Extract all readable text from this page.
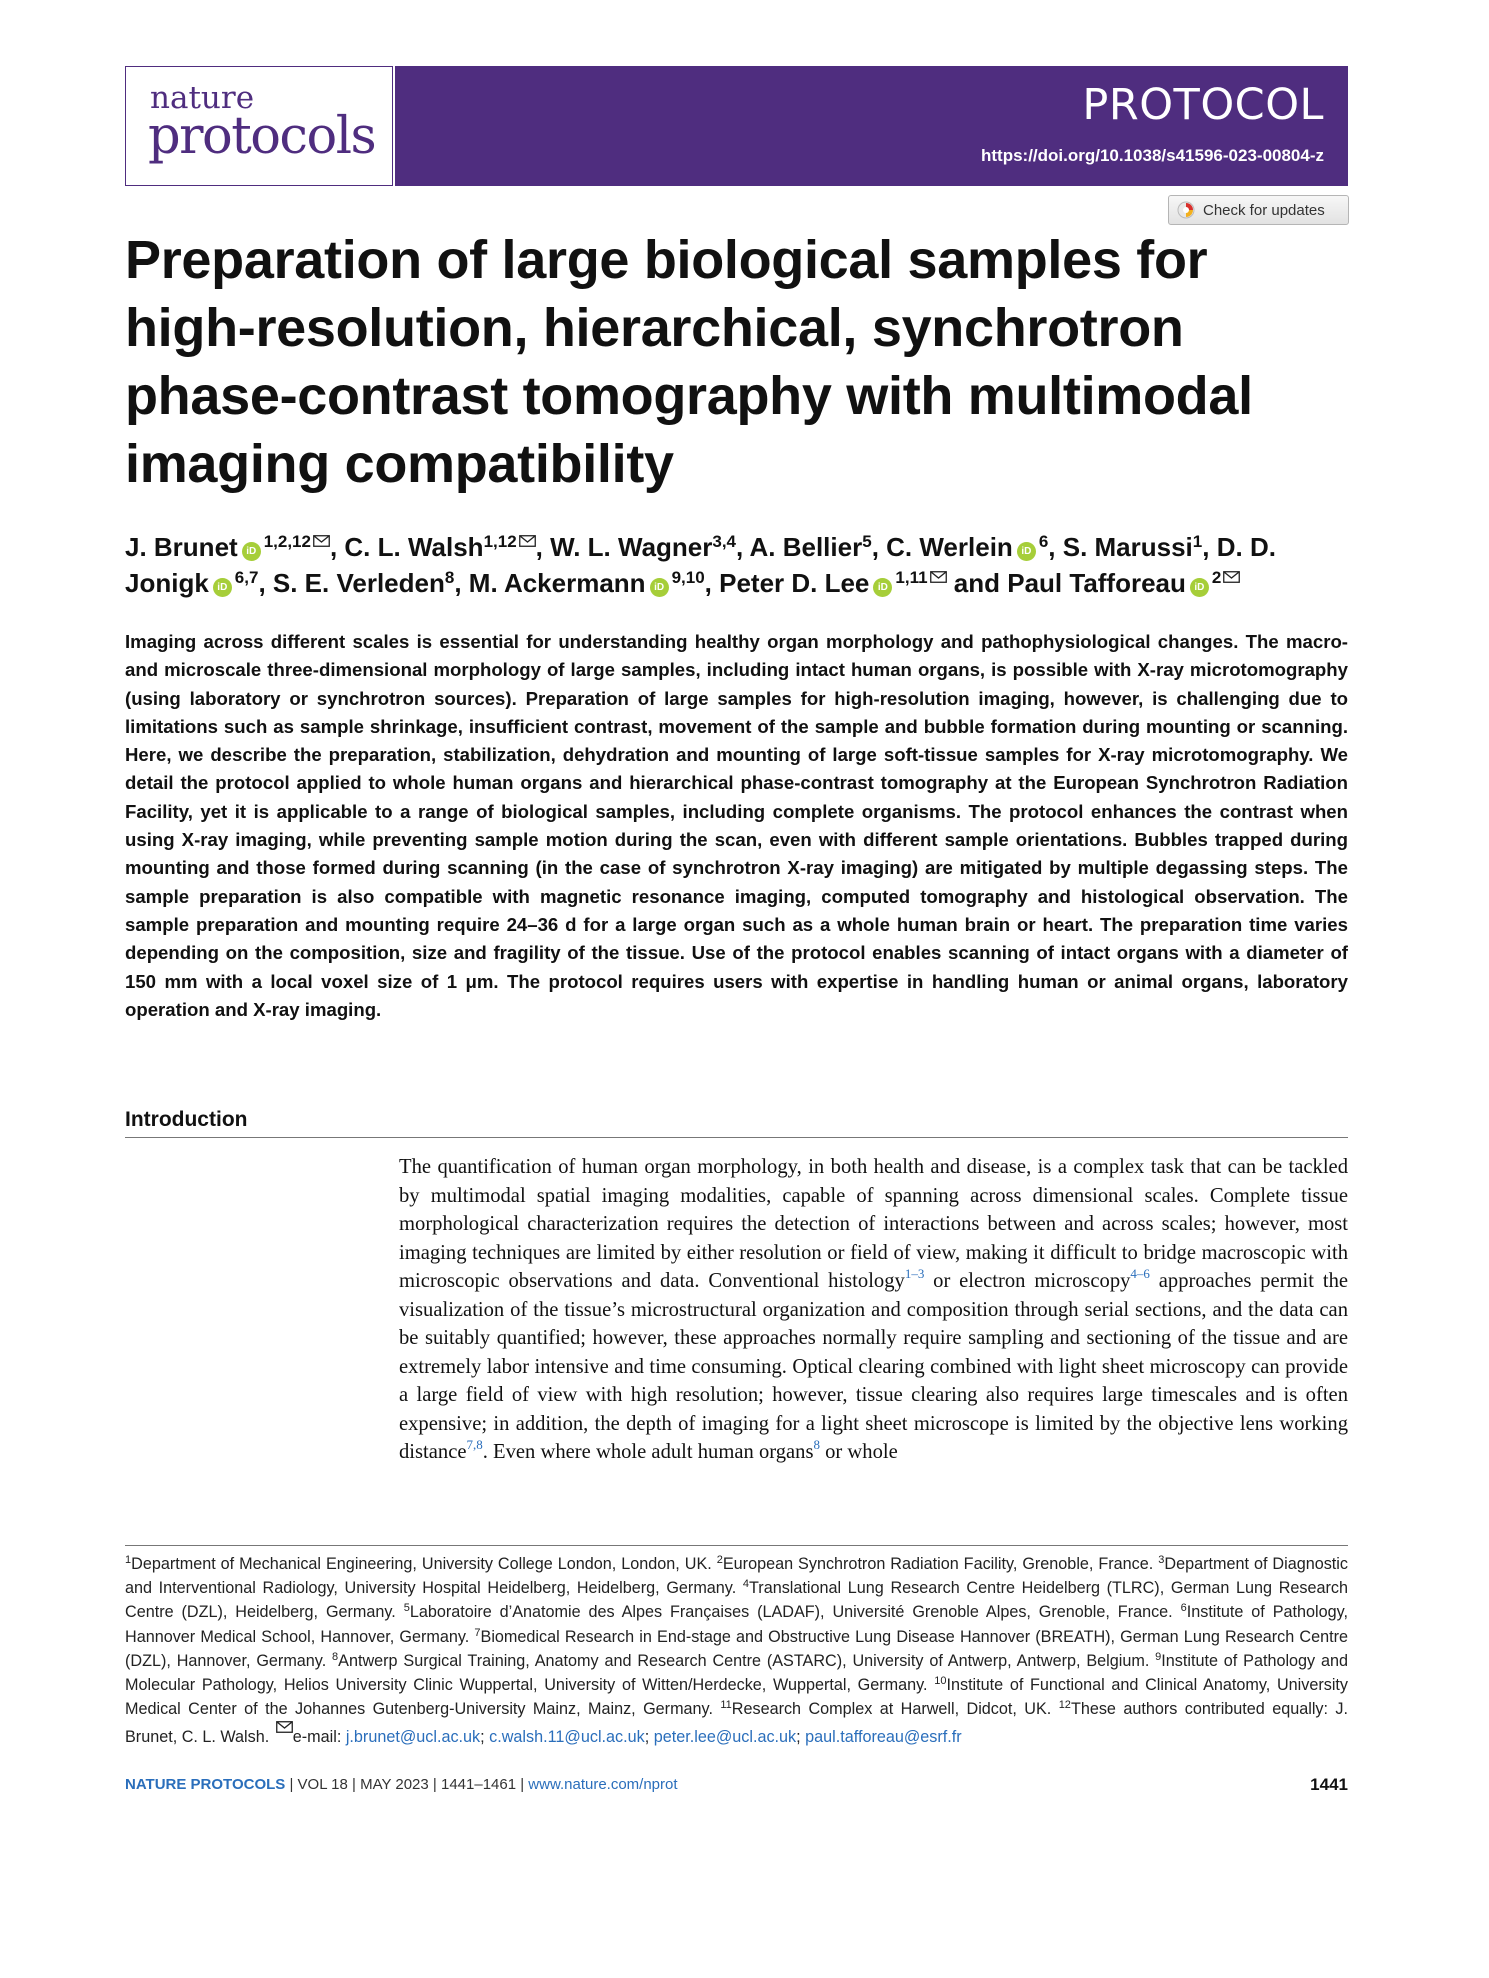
nature
protocols
PROTOCOL
https://doi.org/10.1038/s41596-023-00804-z
Check for updates
Preparation of large biological samples for high-resolution, hierarchical, synchrotron phase-contrast tomography with multimodal imaging compatibility
J. Brunet iD$^{1,2,12}$ , C. L. Walsh$^{1,12}$ , W. L. Wagner$^{3,4}$, A. Bellier$^5$, C. Werlein $iD^6$, S. Marussi$^1$, D. D. Jonigk iD$^{6,7}$, S. E. Verleden$^8$, M. Ackermann iD$^{9,10}$, Peter D. Lee iD$^{1,11}$ and Paul Tafforeau $iD^2$

Imaging across different scales is essential for understanding healthy organ morphology and pathophysiological changes. The macro- and microscale three-dimensional morphology of large samples, including intact human organs, is possible with X-ray microtomography (using laboratory or synchrotron sources). Preparation of large samples for high-resolution imaging, however, is challenging due to limitations such as sample shrinkage, insufficient contrast, movement of the sample and bubble formation during mounting or scanning. Here, we describe the preparation, stabilization, dehydration and mounting of large soft-tissue samples for X-ray microtomography. We detail the protocol applied to whole human organs and hierarchical phase-contrast tomography at the European Synchrotron Radiation Facility, yet it is applicable to a range of biological samples, including complete organisms. The protocol enhances the contrast when using X-ray imaging, while preventing sample motion during the scan, even with different sample orientations. Bubbles trapped during mounting and those formed during scanning (in the case of synchrotron X-ray imaging) are mitigated by multiple degassing steps. The sample preparation is also compatible with magnetic resonance imaging, computed tomography and histological observation. The sample preparation and mounting require 24–36 d for a large organ such as a whole human brain or heart. The preparation time varies depending on the composition, size and fragility of the tissue. Use of the protocol enables scanning of intact organs with a diameter of 150 mm with a local voxel size of 1 μm. The protocol requires users with expertise in handling human or animal organs, laboratory operation and X-ray imaging.

Introduction

The quantification of human organ morphology, in both health and disease, is a complex task that can be tackled by multimodal spatial imaging modalities, capable of spanning across dimensional scales. Complete tissue morphological characterization requires the detection of interactions between and across scales; however, most imaging techniques are limited by either resolution or field of view, making it difficult to bridge macroscopic with microscopic observations and data. Conventional histology$^{1-3}$ or electron microscopy$^{4-6}$ approaches permit the visualization of the tissue’s microstructural organization and composition through serial sections, and the data can be suitably quantified; however, these approaches normally require sampling and sectioning of the tissue and are extremely labor intensive and time consuming. Optical clearing combined with light sheet microscopy can provide a large field of view with high resolution; however, tissue clearing also requires large timescales and is often expensive; in addition, the depth of imaging for a light sheet microscope is limited by the objective lens working distance$^{7,8}$. Even where whole adult human organs$^8$ or whole

$^1$Department of Mechanical Engineering, University College London, London, UK. $^2$European Synchrotron Radiation Facility, Grenoble, France. $^3$Department of Diagnostic and Interventional Radiology, University Hospital Heidelberg, Heidelberg, Germany. $^4$Translational Lung Research Centre Heidelberg (TLRC), German Lung Research Centre (DZL), Heidelberg, Germany. $^5$Laboratoire d’Anatomie des Alpes Françaises (LADAF), Université Grenoble Alpes, Grenoble, France. $^6$Institute of Pathology, Hannover Medical School, Hannover, Germany. $^7$Biomedical Research in End-stage and Obstructive Lung Disease Hannover (BREATH), German Lung Research Centre (DZL), Hannover, Germany. $^8$Antwerp Surgical Training, Anatomy and Research Centre (ASTARC), University of Antwerp, Antwerp, Belgium. $^9$Institute of Pathology and Molecular Pathology, Helios University Clinic Wuppertal, University of Witten/Herdecke, Wuppertal, Germany. $^{10}$Institute of Functional and Clinical Anatomy, University Medical Center of the Johannes Gutenberg-University Mainz, Mainz, Germany. $^{11}$Research Complex at Harwell, Didcot, UK. $^{12}$These authors contributed equally: J. Brunet, C. L. Walsh. e-mail: j.brunet@ucl.ac.uk; c.walsh.11@ucl.ac.uk; peter.lee@ucl.ac.uk; paul.tafforeau@esrf.fr

NATURE PROTOCOLS | VOL 18 | MAY 2023 | 1441–1461 | www.nature.com/nprot	1441
